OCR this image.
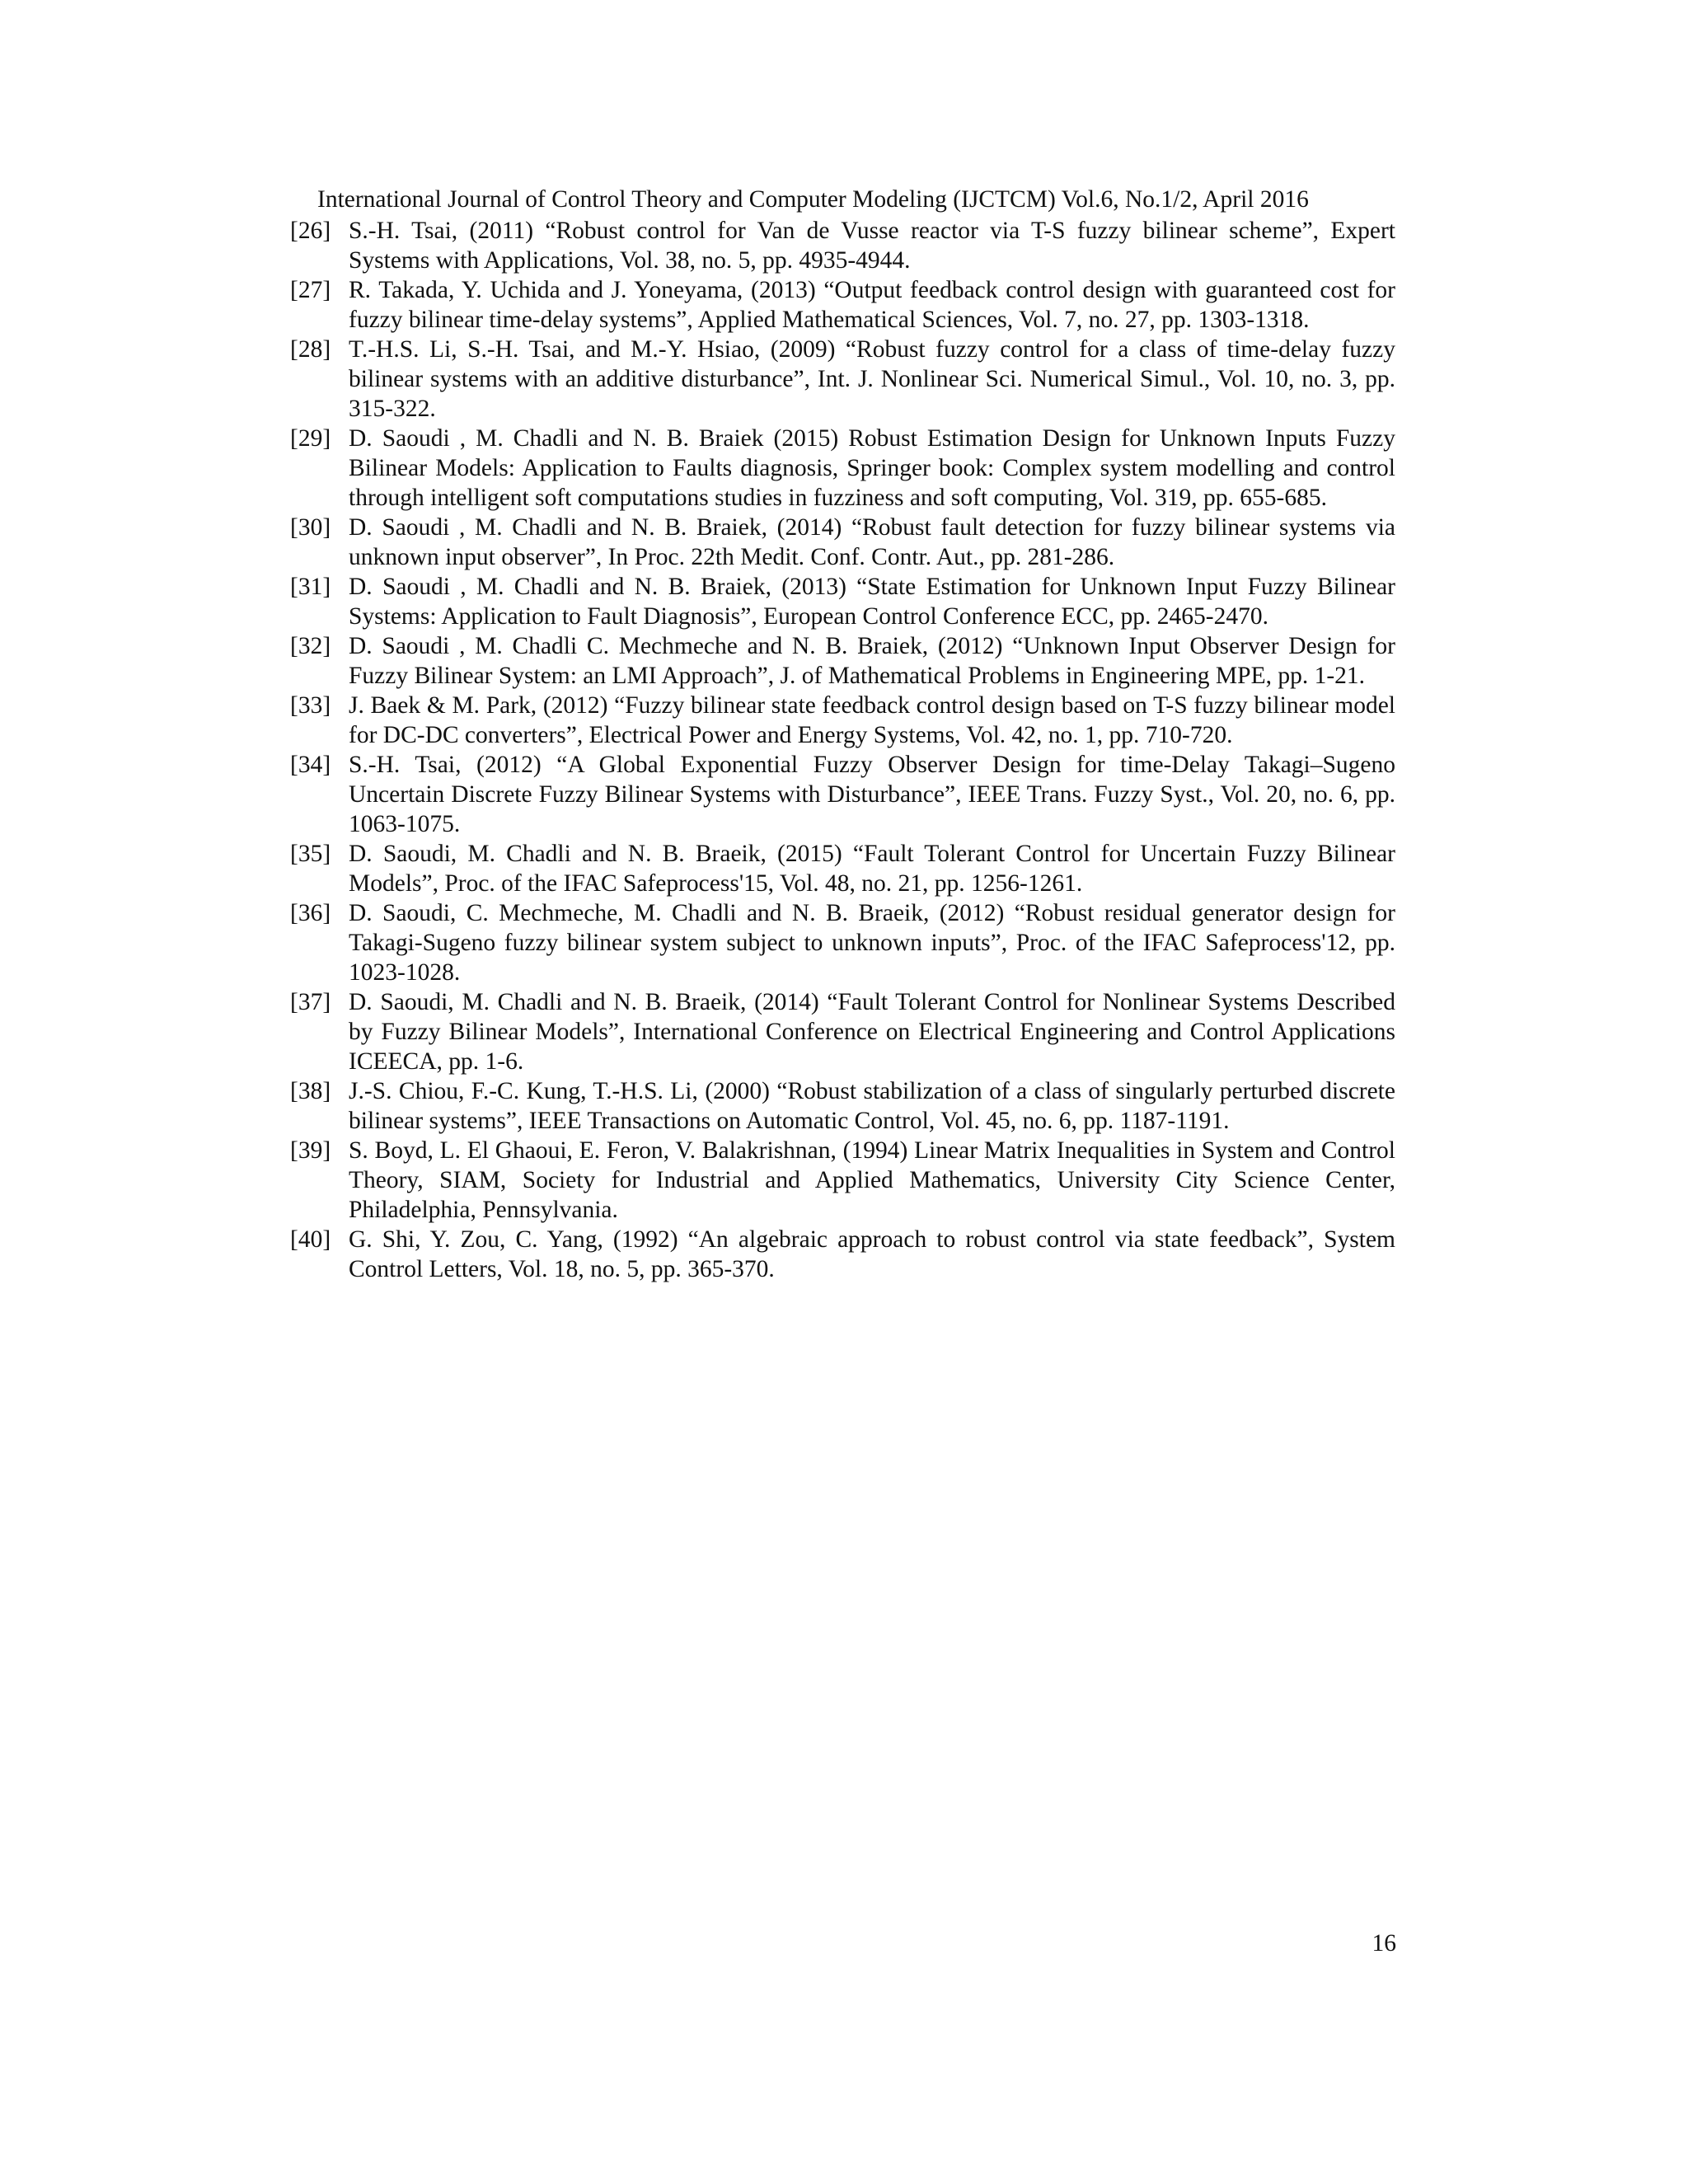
International Journal of Control Theory and Computer Modeling (IJCTCM) Vol.6, No.1/2, April 2016
[26] S.-H. Tsai, (2011) “Robust control for Van de Vusse reactor via T-S fuzzy bilinear scheme”, Expert Systems with Applications, Vol. 38, no. 5, pp. 4935-4944.
[27] R. Takada, Y. Uchida and J. Yoneyama, (2013) “Output feedback control design with guaranteed cost for fuzzy bilinear time-delay systems”, Applied Mathematical Sciences, Vol. 7, no. 27, pp. 1303-1318.
[28] T.-H.S. Li, S.-H. Tsai, and M.-Y. Hsiao, (2009) “Robust fuzzy control for a class of time-delay fuzzy bilinear systems with an additive disturbance”, Int. J. Nonlinear Sci. Numerical Simul., Vol. 10, no. 3, pp. 315-322.
[29] D. Saoudi , M. Chadli and N. B. Braiek (2015) Robust Estimation Design for Unknown Inputs Fuzzy Bilinear Models: Application to Faults diagnosis, Springer book: Complex system modelling and control through intelligent soft computations studies in fuzziness and soft computing, Vol. 319, pp. 655-685.
[30] D. Saoudi , M. Chadli and N. B. Braiek, (2014) “Robust fault detection for fuzzy bilinear systems via unknown input observer”, In Proc. 22th Medit. Conf. Contr. Aut., pp. 281-286.
[31] D. Saoudi , M. Chadli and N. B. Braiek, (2013) “State Estimation for Unknown Input Fuzzy Bilinear Systems: Application to Fault Diagnosis”, European Control Conference ECC, pp. 2465-2470.
[32] D. Saoudi , M. Chadli C. Mechmeche and N. B. Braiek, (2012) “Unknown Input Observer Design for Fuzzy Bilinear System: an LMI Approach”, J. of Mathematical Problems in Engineering MPE, pp. 1-21.
[33] J. Baek & M. Park, (2012) “Fuzzy bilinear state feedback control design based on T-S fuzzy bilinear model for DC-DC converters”, Electrical Power and Energy Systems, Vol. 42, no. 1, pp. 710-720.
[34] S.-H. Tsai, (2012) “A Global Exponential Fuzzy Observer Design for time-Delay Takagi–Sugeno Uncertain Discrete Fuzzy Bilinear Systems with Disturbance”, IEEE Trans. Fuzzy Syst., Vol. 20, no. 6, pp. 1063-1075.
[35] D. Saoudi, M. Chadli and N. B. Braeik, (2015) “Fault Tolerant Control for Uncertain Fuzzy Bilinear Models”, Proc. of the IFAC Safeprocess'15, Vol. 48, no. 21, pp. 1256-1261.
[36] D. Saoudi, C. Mechmeche, M. Chadli and N. B. Braeik, (2012) “Robust residual generator design for Takagi-Sugeno fuzzy bilinear system subject to unknown inputs”, Proc. of the IFAC Safeprocess'12, pp. 1023-1028.
[37] D. Saoudi, M. Chadli and N. B. Braeik, (2014) “Fault Tolerant Control for Nonlinear Systems Described by Fuzzy Bilinear Models”, International Conference on Electrical Engineering and Control Applications ICEECA, pp. 1-6.
[38] J.-S. Chiou, F.-C. Kung, T.-H.S. Li, (2000) “Robust stabilization of a class of singularly perturbed discrete bilinear systems”, IEEE Transactions on Automatic Control, Vol. 45, no. 6, pp. 1187-1191.
[39] S. Boyd, L. El Ghaoui, E. Feron, V. Balakrishnan, (1994) Linear Matrix Inequalities in System and Control Theory, SIAM, Society for Industrial and Applied Mathematics, University City Science Center, Philadelphia, Pennsylvania.
[40] G. Shi, Y. Zou, C. Yang, (1992) “An algebraic approach to robust control via state feedback”, System Control Letters, Vol. 18, no. 5, pp. 365-370.
16
